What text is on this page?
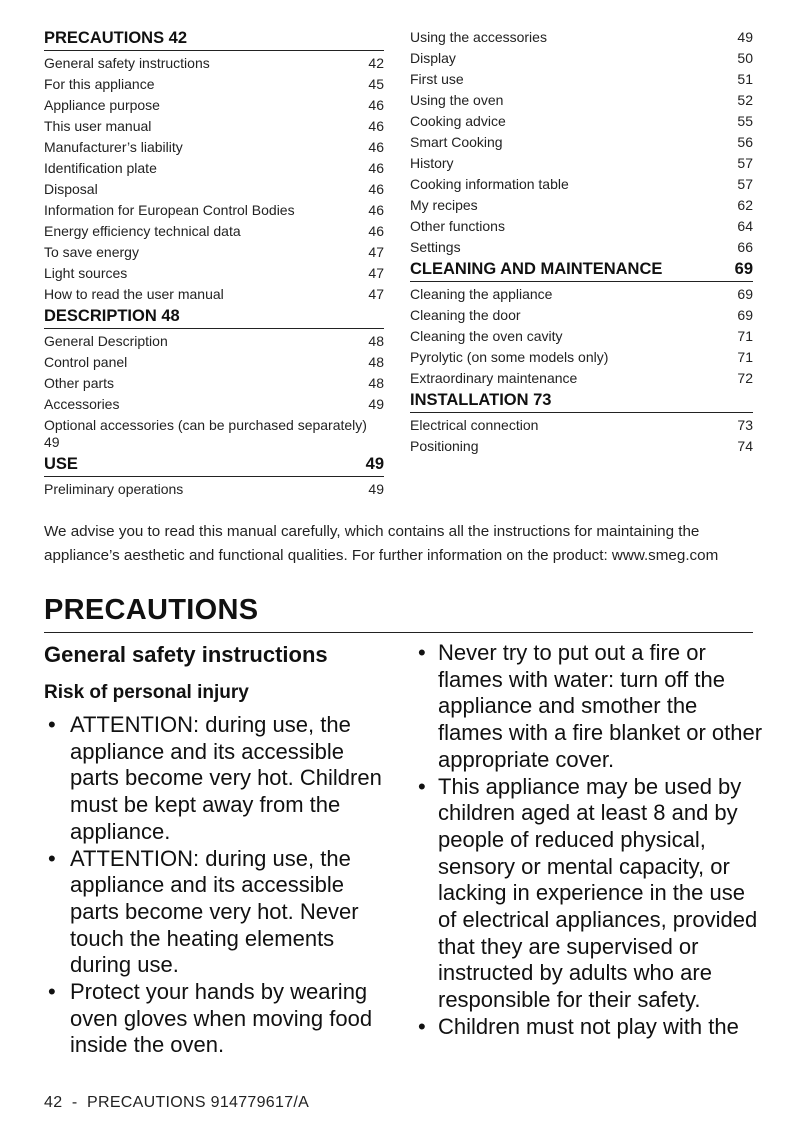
PRECAUTIONS 42
General safety instructions	42
For this appliance	45
Appliance purpose	46
This user manual	46
Manufacturer’s liability	46
Identification plate	46
Disposal	46
Information for European Control Bodies	46
Energy efficiency technical data	46
To save energy	47
Light sources	47
How to read the user manual	47
DESCRIPTION 48
General Description	48
Control panel	48
Other parts	48
Accessories	49
Optional accessories (can be purchased separately)
49
USE	49
Preliminary operations	49
Using the accessories	49
Display	50
First use	51
Using the oven	52
Cooking advice	55
Smart Cooking	56
History	57
Cooking information table	57
My recipes	62
Other functions	64
Settings	66
CLEANING AND MAINTENANCE	69
Cleaning the appliance	69
Cleaning the door	69
Cleaning the oven cavity	71
Pyrolytic (on some models only)	71
Extraordinary maintenance	72
INSTALLATION 73
Electrical connection	73
Positioning	74

We advise you to read this manual carefully, which contains all the instructions for maintaining the appliance’s aesthetic and functional qualities. For further information on the product: www.smeg.com

PRECAUTIONS
General safety instructions
Risk of personal injury
• ATTENTION: during use, the appliance and its accessible parts become very hot. Children must be kept away from the appliance.
• ATTENTION: during use, the appliance and its accessible parts become very hot. Never touch the heating elements during use.
• Protect your hands by wearing oven gloves when moving food inside the oven.
• Never try to put out a fire or flames with water: turn off the appliance and smother the flames with a fire blanket or other appropriate cover.
• This appliance may be used by children aged at least 8 and by people of reduced physical, sensory or mental capacity, or lacking in experience in the use of electrical appliances, provided that they are supervised or instructed by adults who are responsible for their safety.
• Children must not play with the
42  -  PRECAUTIONS 914779617/A
